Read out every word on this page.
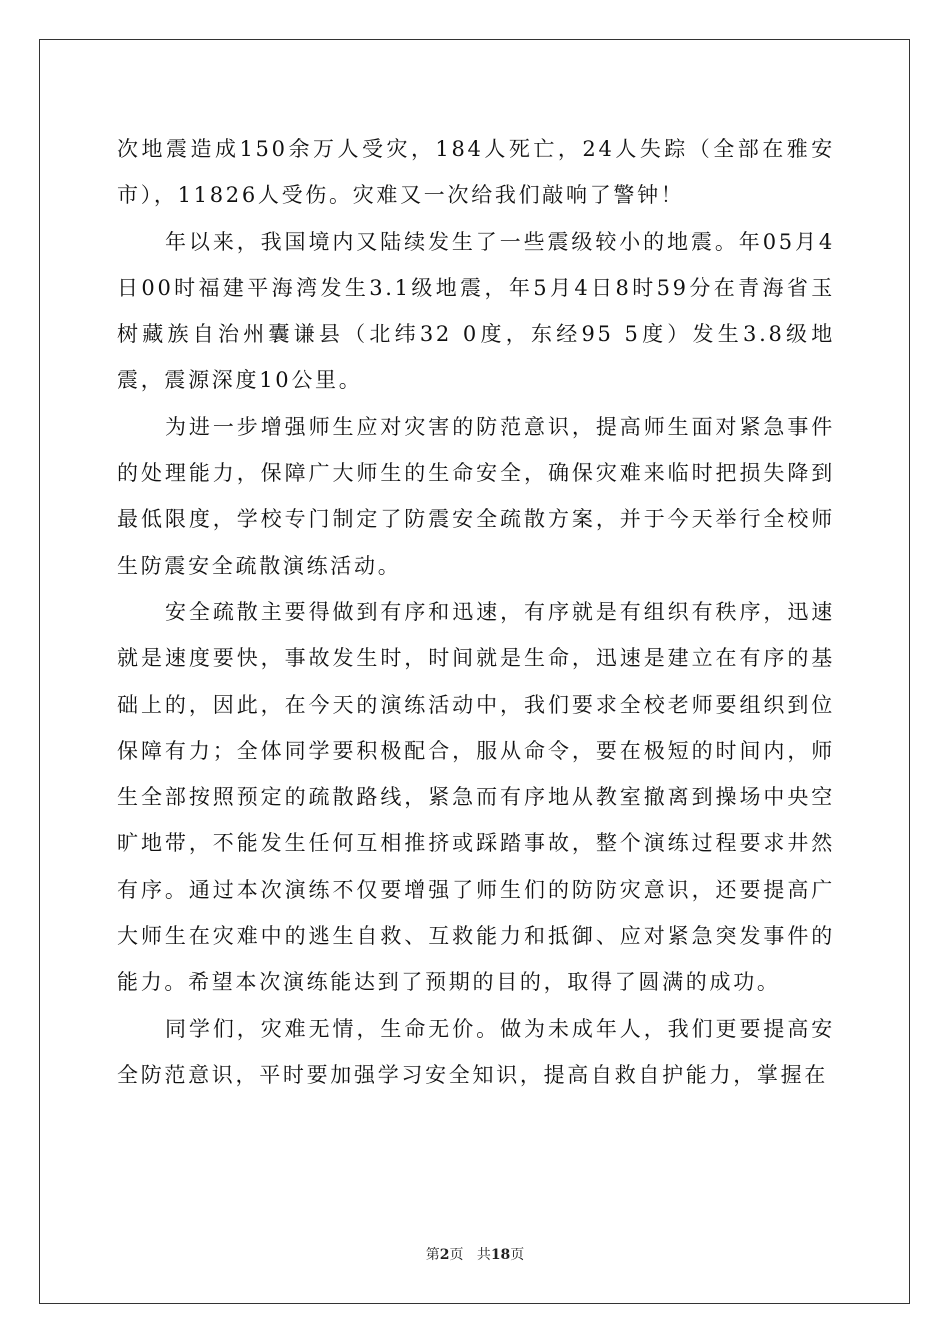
次地震造成150余万人受灾，184人死亡，24人失踪（全部在雅安市），11826人受伤。灾难又一次给我们敲响了警钟！

年以来，我国境内又陆续发生了一些震级较小的地震。年05月4日00时福建平海湾发生3.1级地震，年5月4日8时59分在青海省玉树藏族自治州囊谦县（北纬32 0度，东经95 5度）发生3.8级地震，震源深度10公里。

为进一步增强师生应对灾害的防范意识，提高师生面对紧急事件的处理能力，保障广大师生的生命安全，确保灾难来临时把损失降到最低限度，学校专门制定了防震安全疏散方案，并于今天举行全校师生防震安全疏散演练活动。

安全疏散主要得做到有序和迅速，有序就是有组织有秩序，迅速就是速度要快，事故发生时，时间就是生命，迅速是建立在有序的基础上的，因此，在今天的演练活动中，我们要求全校老师要组织到位保障有力；全体同学要积极配合，服从命令，要在极短的时间内，师生全部按照预定的疏散路线，紧急而有序地从教室撤离到操场中央空旷地带，不能发生任何互相推挤或踩踏事故，整个演练过程要求井然有序。通过本次演练不仅要增强了师生们的防防灾意识，还要提高广大师生在灾难中的逃生自救、互救能力和抵御、应对紧急突发事件的能力。希望本次演练能达到了预期的目的，取得了圆满的成功。

同学们，灾难无情，生命无价。做为未成年人，我们更要提高安全防范意识，平时要加强学习安全知识，提高自救自护能力，掌握在

第2页 共18页
